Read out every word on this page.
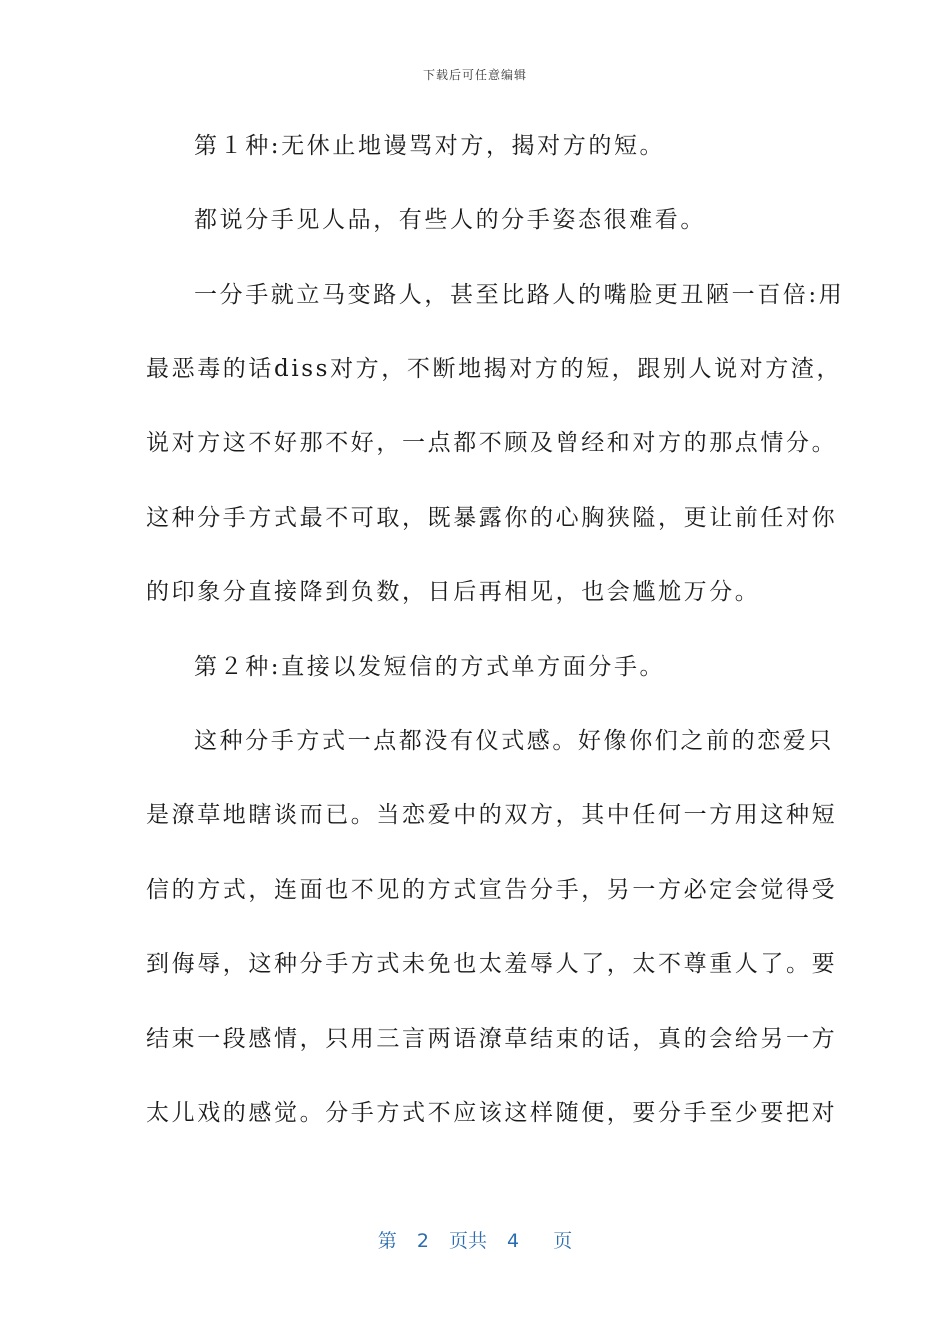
下载后可任意编辑
第１种:无休止地谩骂对方，揭对方的短。
都说分手见人品，有些人的分手姿态很难看。
一分手就立马变路人，甚至比路人的嘴脸更丑陋一百倍:用
最恶毒的话diss对方，不断地揭对方的短，跟别人说对方渣，
说对方这不好那不好，一点都不顾及曾经和对方的那点情分。
这种分手方式最不可取，既暴露你的心胸狭隘，更让前任对你
的印象分直接降到负数，日后再相见，也会尴尬万分。
第２种:直接以发短信的方式单方面分手。
这种分手方式一点都没有仪式感。好像你们之前的恋爱只
是潦草地瞎谈而已。当恋爱中的双方，其中任何一方用这种短
信的方式，连面也不见的方式宣告分手，另一方必定会觉得受
到侮辱，这种分手方式未免也太羞辱人了，太不尊重人了。要
结束一段感情，只用三言两语潦草结束的话，真的会给另一方
太儿戏的感觉。分手方式不应该这样随便，要分手至少要把对
第 2 页共 4 页
